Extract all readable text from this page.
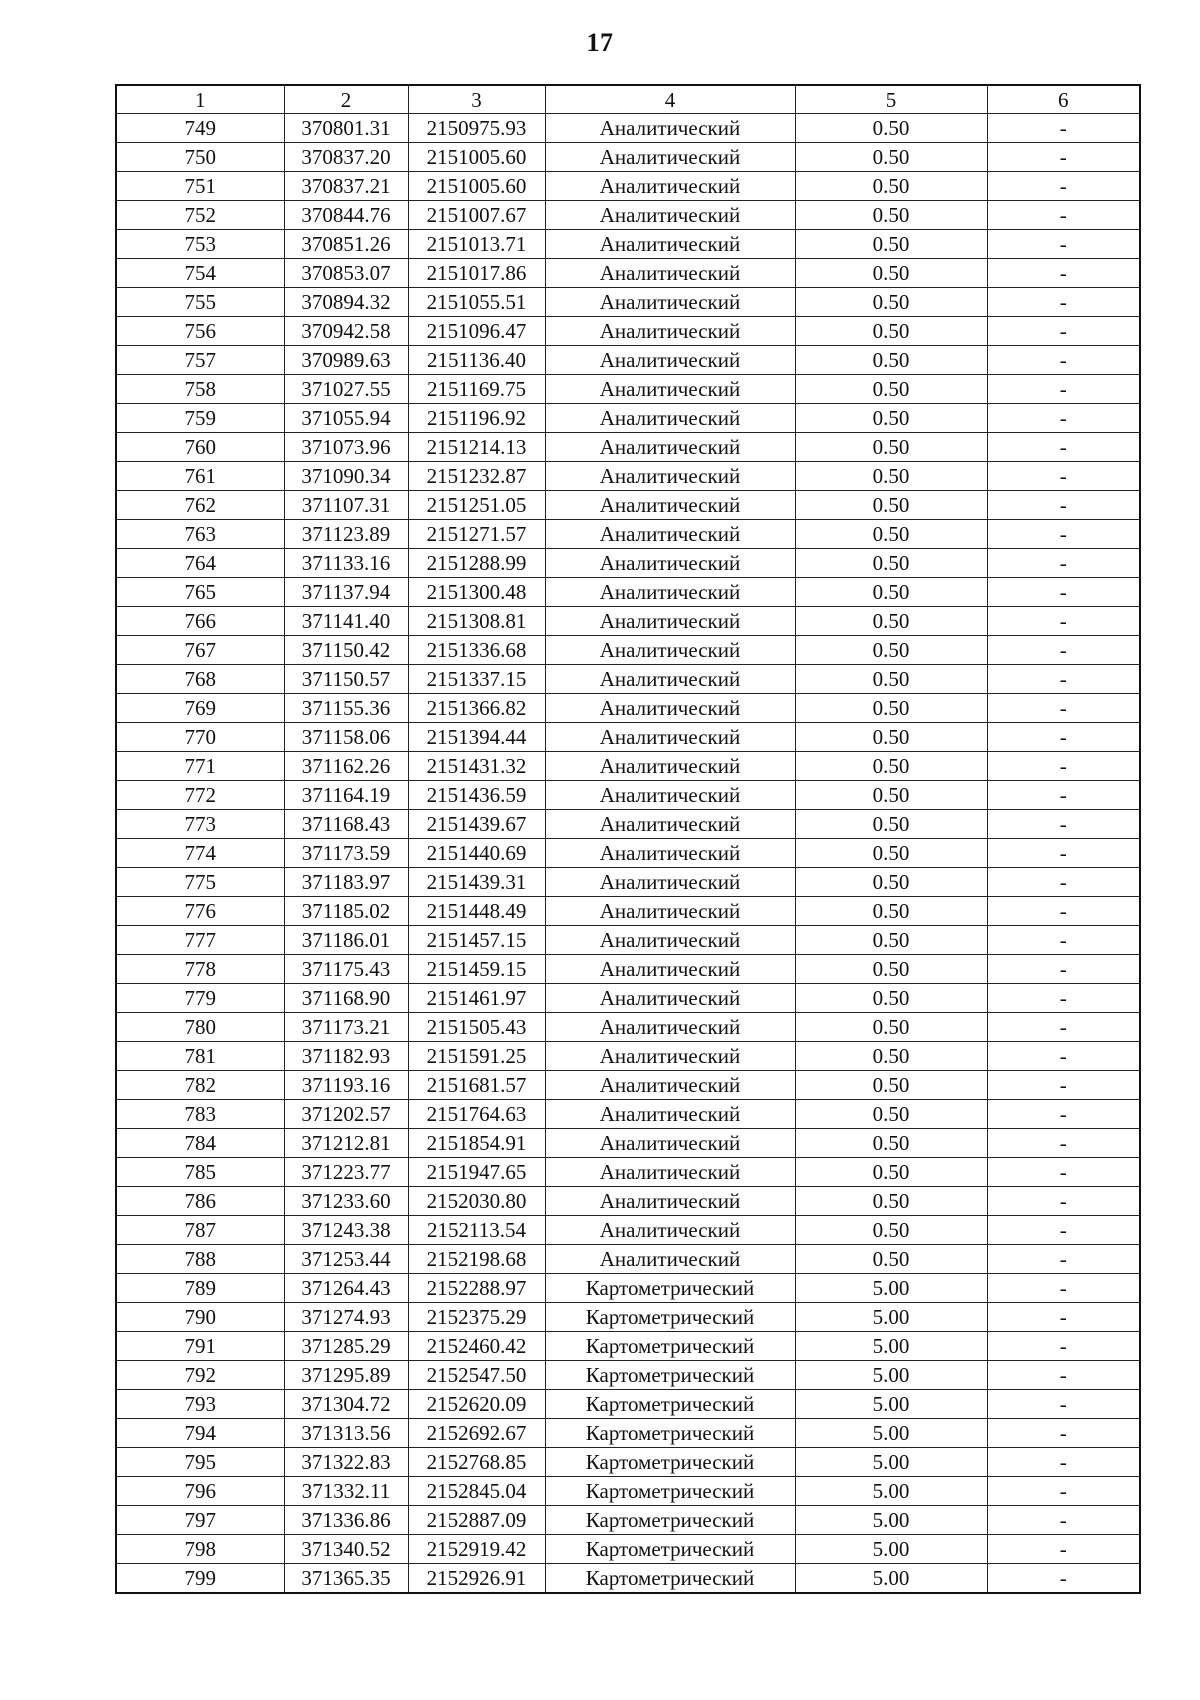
17
1	2	3	4	5	6
749	370801.31	2150975.93	Аналитический	0.50	-
750	370837.20	2151005.60	Аналитический	0.50	-
751	370837.21	2151005.60	Аналитический	0.50	-
752	370844.76	2151007.67	Аналитический	0.50	-
753	370851.26	2151013.71	Аналитический	0.50	-
754	370853.07	2151017.86	Аналитический	0.50	-
755	370894.32	2151055.51	Аналитический	0.50	-
756	370942.58	2151096.47	Аналитический	0.50	-
757	370989.63	2151136.40	Аналитический	0.50	-
758	371027.55	2151169.75	Аналитический	0.50	-
759	371055.94	2151196.92	Аналитический	0.50	-
760	371073.96	2151214.13	Аналитический	0.50	-
761	371090.34	2151232.87	Аналитический	0.50	-
762	371107.31	2151251.05	Аналитический	0.50	-
763	371123.89	2151271.57	Аналитический	0.50	-
764	371133.16	2151288.99	Аналитический	0.50	-
765	371137.94	2151300.48	Аналитический	0.50	-
766	371141.40	2151308.81	Аналитический	0.50	-
767	371150.42	2151336.68	Аналитический	0.50	-
768	371150.57	2151337.15	Аналитический	0.50	-
769	371155.36	2151366.82	Аналитический	0.50	-
770	371158.06	2151394.44	Аналитический	0.50	-
771	371162.26	2151431.32	Аналитический	0.50	-
772	371164.19	2151436.59	Аналитический	0.50	-
773	371168.43	2151439.67	Аналитический	0.50	-
774	371173.59	2151440.69	Аналитический	0.50	-
775	371183.97	2151439.31	Аналитический	0.50	-
776	371185.02	2151448.49	Аналитический	0.50	-
777	371186.01	2151457.15	Аналитический	0.50	-
778	371175.43	2151459.15	Аналитический	0.50	-
779	371168.90	2151461.97	Аналитический	0.50	-
780	371173.21	2151505.43	Аналитический	0.50	-
781	371182.93	2151591.25	Аналитический	0.50	-
782	371193.16	2151681.57	Аналитический	0.50	-
783	371202.57	2151764.63	Аналитический	0.50	-
784	371212.81	2151854.91	Аналитический	0.50	-
785	371223.77	2151947.65	Аналитический	0.50	-
786	371233.60	2152030.80	Аналитический	0.50	-
787	371243.38	2152113.54	Аналитический	0.50	-
788	371253.44	2152198.68	Аналитический	0.50	-
789	371264.43	2152288.97	Картометрический	5.00	-
790	371274.93	2152375.29	Картометрический	5.00	-
791	371285.29	2152460.42	Картометрический	5.00	-
792	371295.89	2152547.50	Картометрический	5.00	-
793	371304.72	2152620.09	Картометрический	5.00	-
794	371313.56	2152692.67	Картометрический	5.00	-
795	371322.83	2152768.85	Картометрический	5.00	-
796	371332.11	2152845.04	Картометрический	5.00	-
797	371336.86	2152887.09	Картометрический	5.00	-
798	371340.52	2152919.42	Картометрический	5.00	-
799	371365.35	2152926.91	Картометрический	5.00	-
